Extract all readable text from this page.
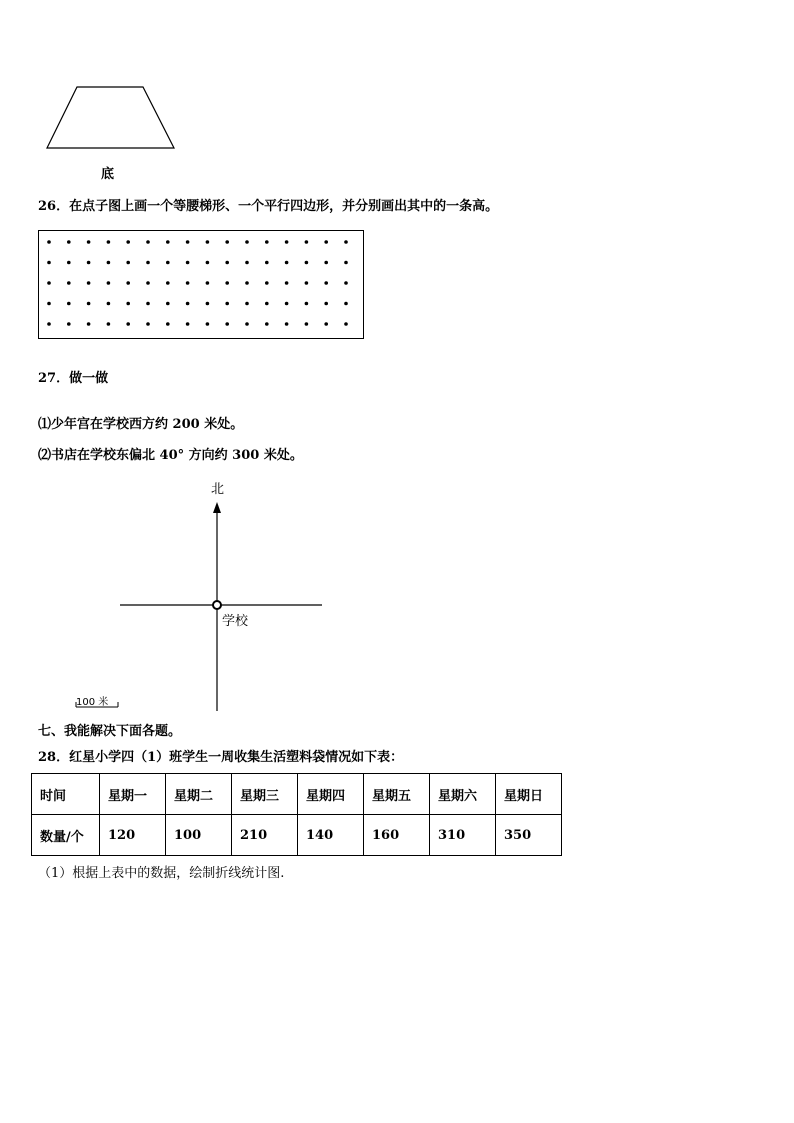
底
26．在点子图上画一个等腰梯形、一个平行四边形，并分别画出其中的一条高。
27．做一做
⑴少年宫在学校西方约 200 米处。
⑵书店在学校东偏北 40° 方向约 300 米处。
北
学校
100 米
七、我能解决下面各题。
28．红星小学四（1）班学生一周收集生活塑料袋情况如下表：
时间	星期一	星期二	星期三	星期四	星期五	星期六	星期日
数量/个	120	100	210	140	160	310	350
（1）根据上表中的数据，绘制折线统计图.
